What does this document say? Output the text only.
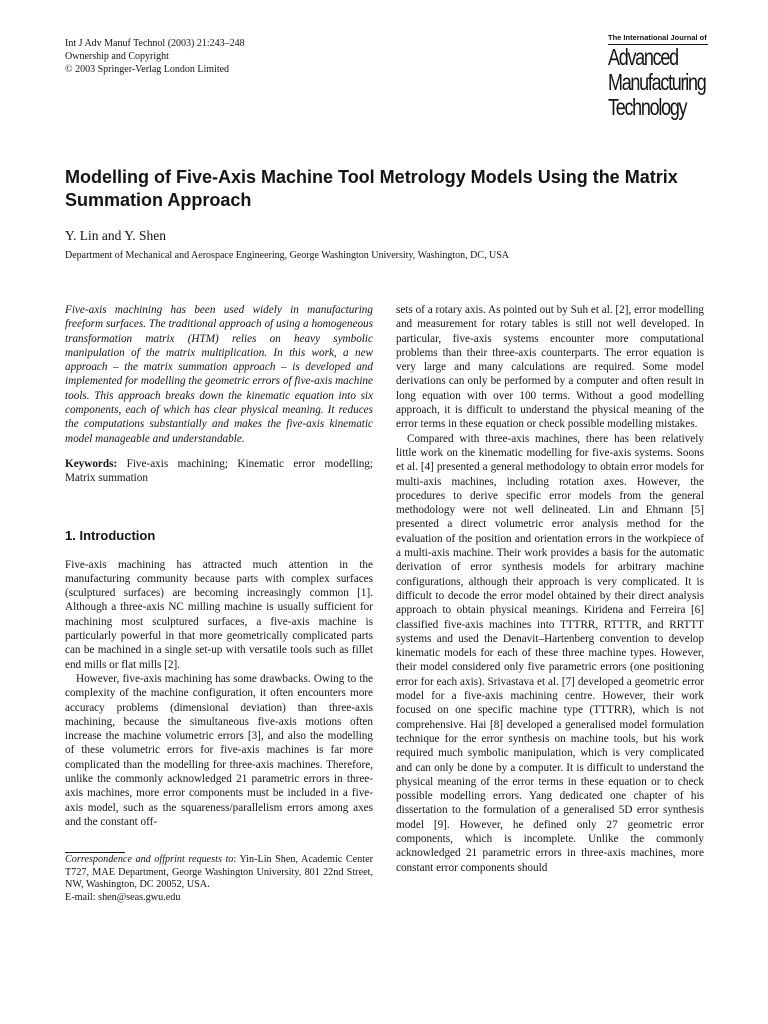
Int J Adv Manuf Technol (2003) 21:243–248
Ownership and Copyright
© 2003 Springer-Verlag London Limited
The International Journal of
Advanced
Manufacturing
Technology
Modelling of Five-Axis Machine Tool Metrology Models Using the Matrix Summation Approach
Y. Lin and Y. Shen
Department of Mechanical and Aerospace Engineering, George Washington University, Washington, DC, USA

Five-axis machining has been used widely in manufacturing freeform surfaces. The traditional approach of using a homogeneous transformation matrix (HTM) relies on heavy symbolic manipulation of the matrix multiplication. In this work, a new approach – the matrix summation approach – is developed and implemented for modelling the geometric errors of five-axis machine tools. This approach breaks down the kinematic equation into six components, each of which has clear physical meaning. It reduces the computations substantially and makes the five-axis kinematic model manageable and understandable.

Keywords: Five-axis machining; Kinematic error modelling; Matrix summation

1. Introduction

Five-axis machining has attracted much attention in the manufacturing community because parts with complex surfaces (sculptured surfaces) are becoming increasingly common [1]. Although a three-axis NC milling machine is usually sufficient for machining most sculptured surfaces, a five-axis machine is particularly powerful in that more geometrically complicated parts can be machined in a single set-up with versatile tools such as fillet end mills or flat mills [2].

However, five-axis machining has some drawbacks. Owing to the complexity of the machine configuration, it often encounters more accuracy problems (dimensional deviation) than three-axis machining, because the simultaneous five-axis motions often increase the machine volumetric errors [3], and also the modelling of these volumetric errors for five-axis machines is far more complicated than the modelling for three-axis machines. Therefore, unlike the commonly acknowledged 21 parametric errors in three-axis machines, more error components must be included in a five-axis model, such as the squareness/parallelism errors among axes and the constant off-

Correspondence and offprint requests to: Yin-Lin Shen, Academic Center T727, MAE Department, George Washington University, 801 22nd Street, NW, Washington, DC 20052, USA.
E-mail: shen@seas.gwu.edu

sets of a rotary axis. As pointed out by Suh et al. [2], error modelling and measurement for rotary tables is still not well developed. In particular, five-axis systems encounter more computational problems than their three-axis counterparts. The error equation is very large and many calculations are required. Some model derivations can only be performed by a computer and often result in long equation with over 100 terms. Without a good modelling approach, it is difficult to understand the physical meaning of the error terms in these equation or check possible modelling mistakes.

Compared with three-axis machines, there has been relatively little work on the kinematic modelling for five-axis systems. Soons et al. [4] presented a general methodology to obtain error models for multi-axis machines, including rotation axes. However, the procedures to derive specific error models from the general methodology were not well delineated. Lin and Ehmann [5] presented a direct volumetric error analysis method for the evaluation of the position and orientation errors in the workpiece of a multi-axis machine. Their work provides a basis for the automatic derivation of error synthesis models for arbitrary machine configurations, although their approach is very complicated. It is difficult to decode the error model obtained by their direct analysis approach to obtain physical meanings. Kiridena and Ferreira [6] classified five-axis machines into TTTRR, RTTTR, and RRTTT systems and used the Denavit–Hartenberg convention to develop kinematic models for each of these three machine types. However, their model considered only five parametric errors (one positioning error for each axis). Srivastava et al. [7] developed a geometric error model for a five-axis machining centre. However, their work focused on one specific machine type (TTTRR), which is not comprehensive. Hai [8] developed a generalised model formulation technique for the error synthesis on machine tools, but his work required much symbolic manipulation, which is very complicated and can only be done by a computer. It is difficult to understand the physical meaning of the error terms in these equation or to check possible modelling errors. Yang dedicated one chapter of his dissertation to the formulation of a generalised 5D error synthesis model [9]. However, he defined only 27 geometric error components, which is incomplete. Unlike the commonly acknowledged 21 parametric errors in three-axis machines, more constant error components should
